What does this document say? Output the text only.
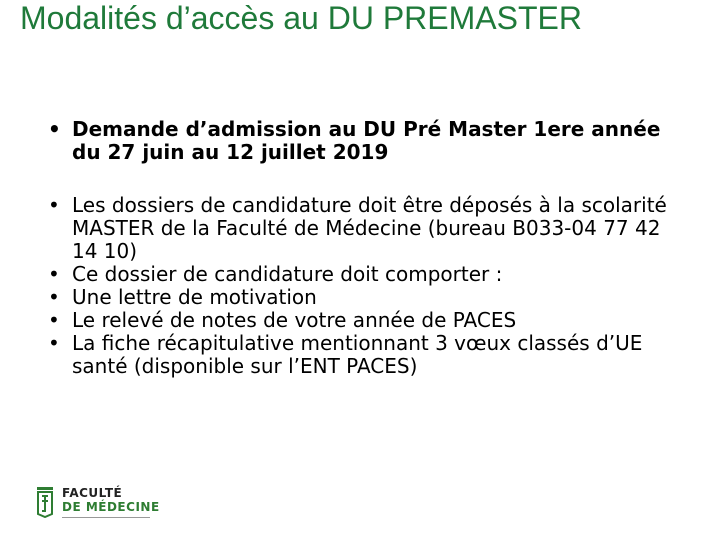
Modalités d’accès au DU PREMASTER
• Demande d’admission au DU Pré Master 1ere année du 27 juin au 12 juillet 2019
• Les dossiers de candidature doit être déposés à la scolarité MASTER de la Faculté de Médecine (bureau B033-04 77 42 14 10)
• Ce dossier de candidature doit comporter :
• Une lettre de motivation
• Le relevé de notes de votre année de PACES
• La fiche récapitulative mentionnant 3 vœux classés d’UE santé (disponible sur l’ENT PACES)
FACULTÉ
DE MÉDECINE
